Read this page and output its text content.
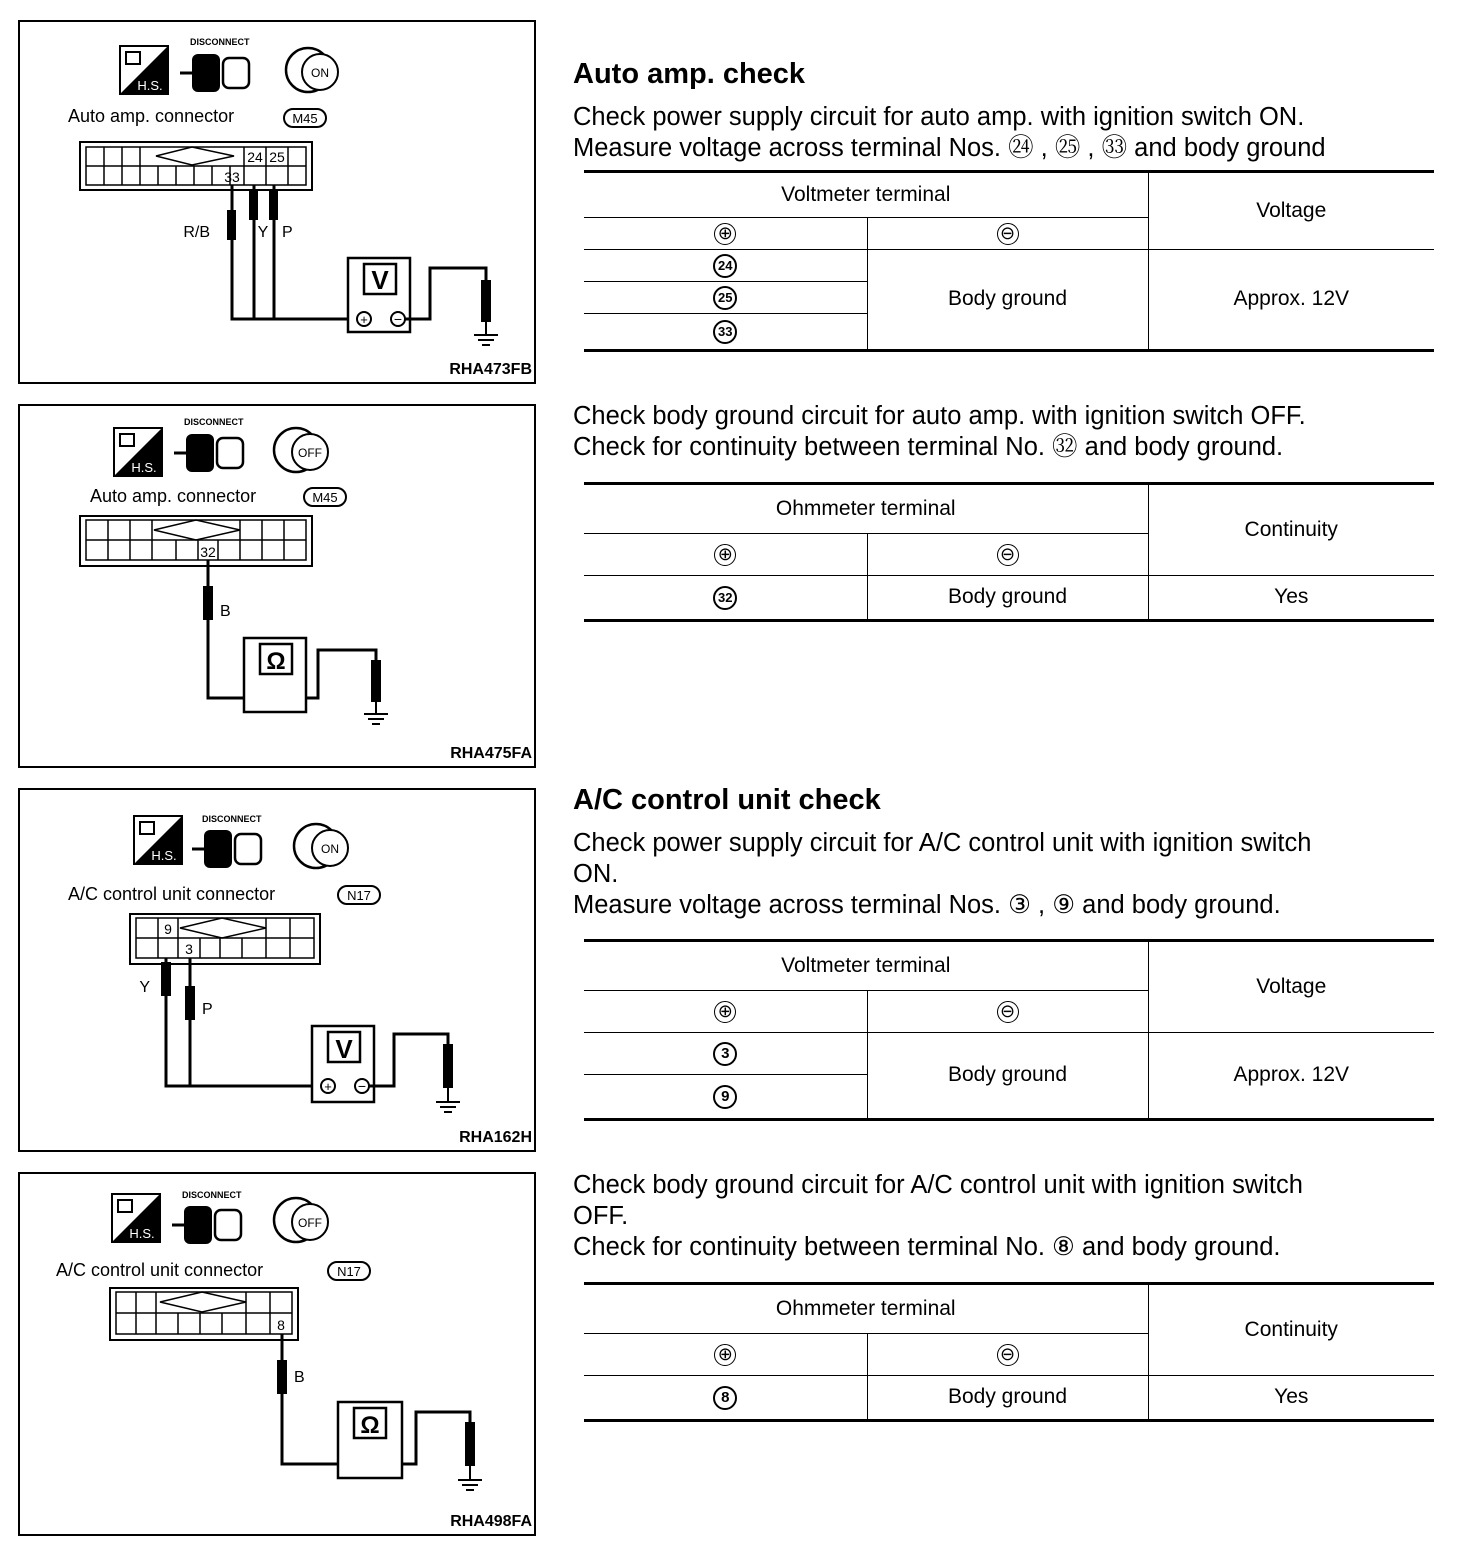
H.S.
DISCONNECT
ON
Auto amp. connector	M45
24 25
33
R/B	Y P
V
+ −
RHA473FB
H.S.
DISCONNECT
OFF
Auto amp. connector	M45
32
B
Ω
RHA475FA
H.S.
DISCONNECT
ON
A/C control unit connector	N17
9
3
Y
P
V
+ −
RHA162H
H.S.
DISCONNECT
OFF
A/C control unit connector	N17
8
B
Ω
RHA498FA
Auto amp. check

Check power supply circuit for auto amp. with ignition switch ON.
Measure voltage across terminal Nos. ㉔ , ㉕ , ㉝ and body ground

Voltmeter terminal		Voltage
⊕	⊖	
24	Body ground	Approx. 12V
25		
33		

Check body ground circuit for auto amp. with ignition switch OFF.
Check for continuity between terminal No. ㉜ and body ground.

Ohmmeter terminal		Continuity
⊕	⊖	
32	Body ground	Yes
A/C control unit check

Check power supply circuit for A/C control unit with ignition switch
ON.
Measure voltage across terminal Nos. ③ , ⑨ and body ground.

Voltmeter terminal		Voltage
⊕	⊖	
3	Body ground	Approx. 12V
9		

Check body ground circuit for A/C control unit with ignition switch
OFF.
Check for continuity between terminal No. ⑧ and body ground.

Ohmmeter terminal		Continuity
⊕	⊖	
8	Body ground	Yes
